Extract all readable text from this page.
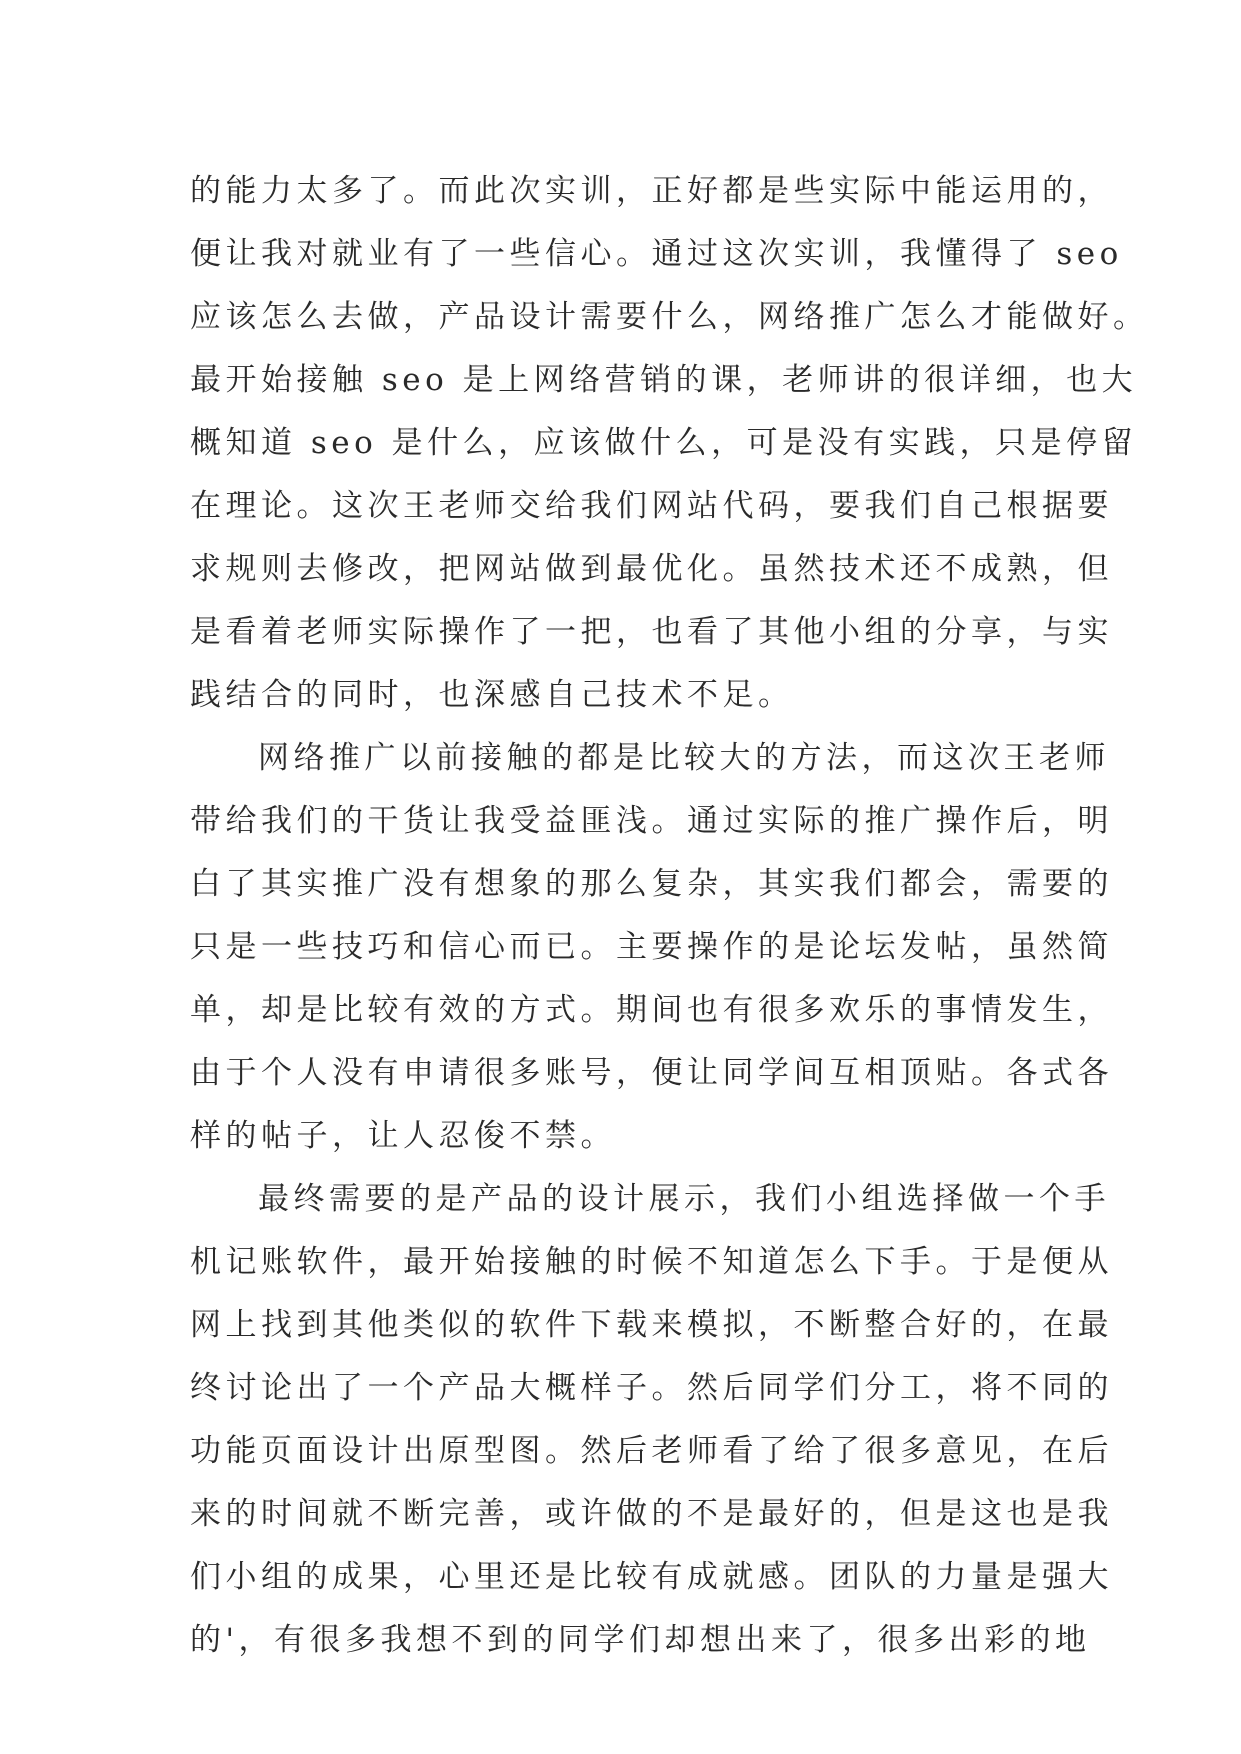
的能力太多了。而此次实训，正好都是些实际中能运用的，
便让我对就业有了一些信心。通过这次实训，我懂得了 seo
应该怎么去做，产品设计需要什么，网络推广怎么才能做好。
最开始接触 seo 是上网络营销的课，老师讲的很详细，也大
概知道 seo 是什么，应该做什么，可是没有实践，只是停留
在理论。这次王老师交给我们网站代码，要我们自己根据要
求规则去修改，把网站做到最优化。虽然技术还不成熟，但
是看着老师实际操作了一把，也看了其他小组的分享，与实
践结合的同时，也深感自己技术不足。
网络推广以前接触的都是比较大的方法，而这次王老师
带给我们的干货让我受益匪浅。通过实际的推广操作后，明
白了其实推广没有想象的那么复杂，其实我们都会，需要的
只是一些技巧和信心而已。主要操作的是论坛发帖，虽然简
单，却是比较有效的方式。期间也有很多欢乐的事情发生，
由于个人没有申请很多账号，便让同学间互相顶贴。各式各
样的帖子，让人忍俊不禁。
最终需要的是产品的设计展示，我们小组选择做一个手
机记账软件，最开始接触的时候不知道怎么下手。于是便从
网上找到其他类似的软件下载来模拟，不断整合好的，在最
终讨论出了一个产品大概样子。然后同学们分工，将不同的
功能页面设计出原型图。然后老师看了给了很多意见，在后
来的时间就不断完善，或许做的不是最好的，但是这也是我
们小组的成果，心里还是比较有成就感。团队的力量是强大
的'，有很多我想不到的同学们却想出来了，很多出彩的地
